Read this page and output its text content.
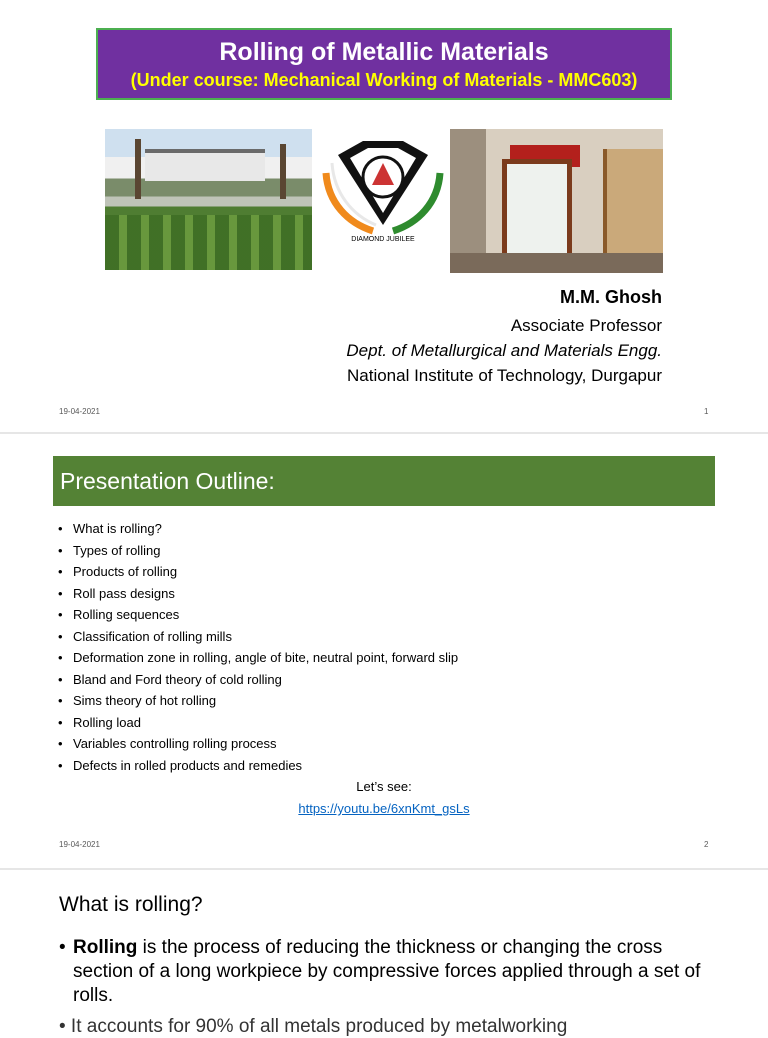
Rolling of Metallic Materials
(Under course: Mechanical Working of Materials - MMC603)
DIAMOND JUBILEE
M.M. Ghosh
Associate Professor
Dept. of Metallurgical and Materials Engg.
National Institute of Technology, Durgapur
19-04-2021	1
Presentation Outline:
• What is rolling?
• Types of rolling
• Products of rolling
• Roll pass designs
• Rolling sequences
• Classification of rolling mills
• Deformation zone in rolling, angle of bite, neutral point, forward slip
• Bland and Ford theory of cold rolling
• Sims theory of hot rolling
• Rolling load
• Variables controlling rolling process
• Defects in rolled products and remedies
Let’s see:
https://youtu.be/6xnKmt_gsLs
19-04-2021	2
What is rolling?
• Rolling is the process of reducing the thickness or changing the cross section of a long workpiece by compressive forces applied through a set of rolls.
• It accounts for 90% of all metals produced by metalworking
